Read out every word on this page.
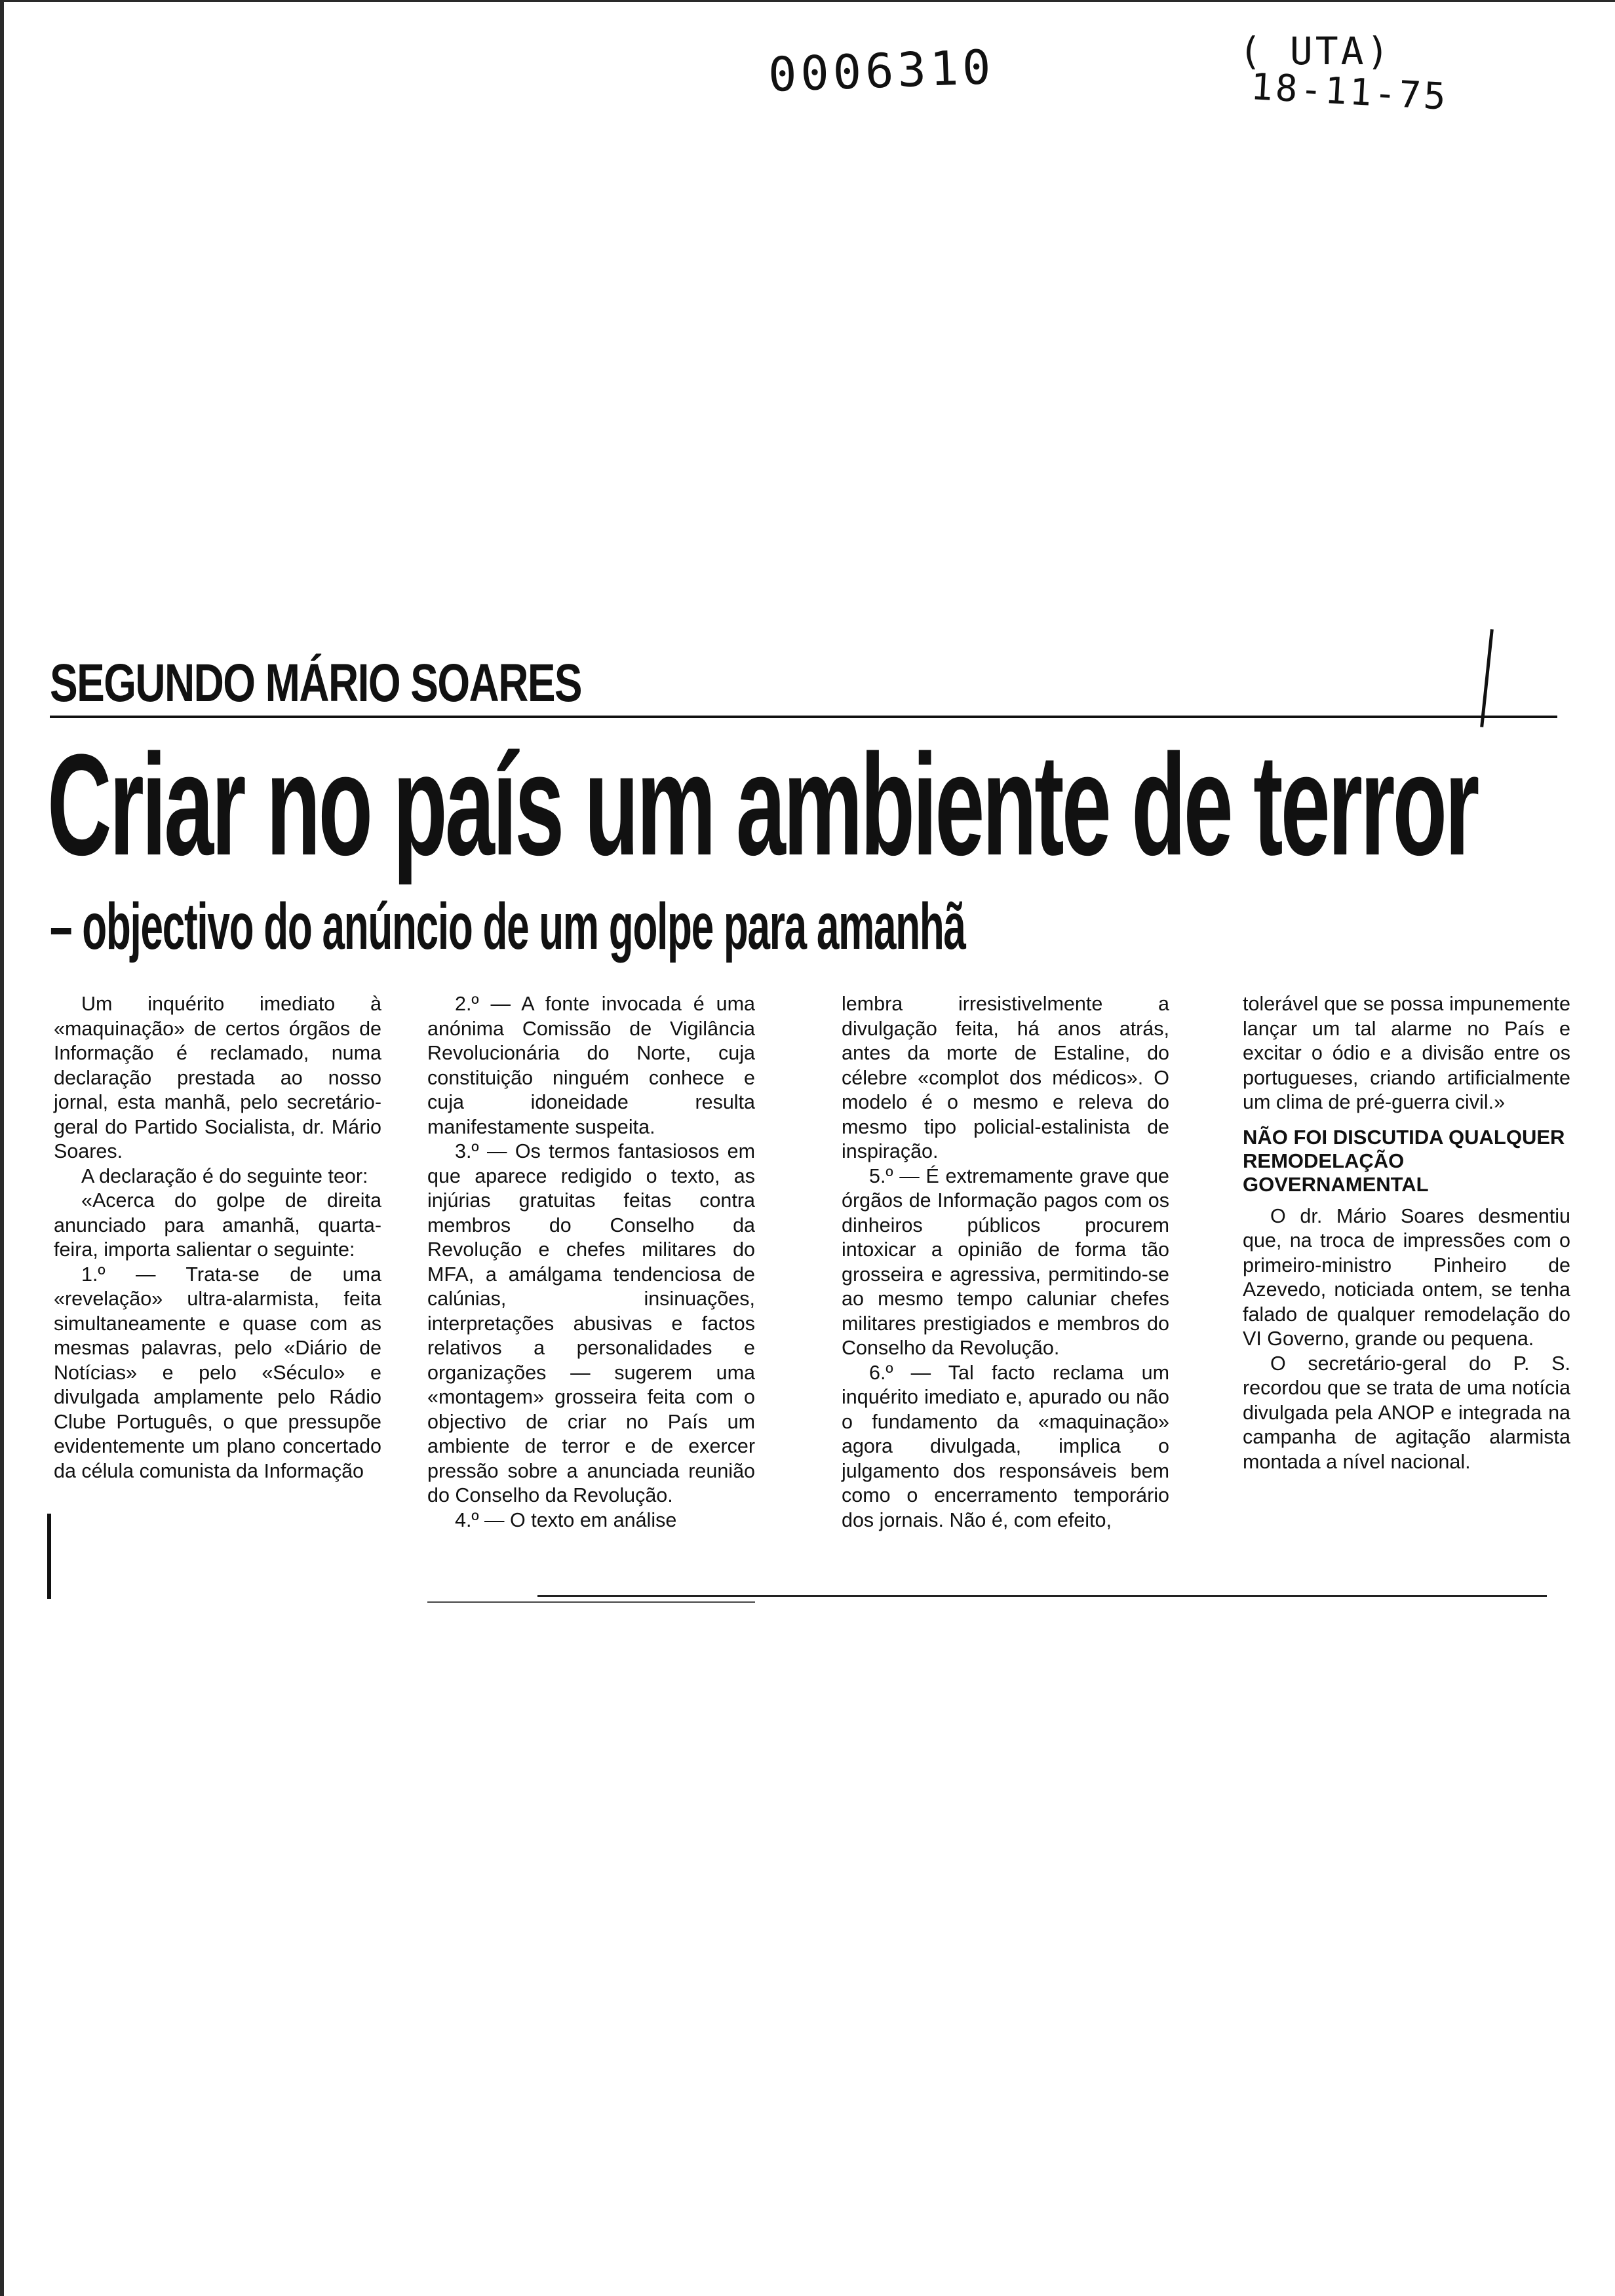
0006310	( UTA)
18-11-75
SEGUNDO MÁRIO SOARES
Criar no país um ambiente de terror
– objectivo do anúncio de um golpe para amanhã

Um inquérito imediato à «maquinação» de certos órgãos de Informação é reclamado, numa declaração prestada ao nosso jornal, esta manhã, pelo secretário-geral do Partido Socialista, dr. Mário Soares.

A declaração é do seguinte teor:

«Acerca do golpe de direita anunciado para amanhã, quarta-feira, importa salientar o seguinte:

1.º — Trata-se de uma «revelação» ultra-alarmista, feita simultaneamente e quase com as mesmas palavras, pelo «Diário de Notícias» e pelo «Século» e divulgada amplamente pelo Rádio Clube Português, o que pressupõe evidentemente um plano concertado da célula comunista da Informação

2.º — A fonte invocada é uma anónima Comissão de Vigilância Revolucionária do Norte, cuja constituição ninguém conhece e cuja idoneidade resulta manifestamente suspeita.

3.º — Os termos fantasiosos em que aparece redigido o texto, as injúrias gratuitas feitas contra membros do Conselho da Revolução e chefes militares do MFA, a amálgama tendenciosa de calúnias, insinuações, interpretações abusivas e factos relativos a personalidades e organizações — sugerem uma «montagem» grosseira feita com o objectivo de criar no País um ambiente de terror e de exercer pressão sobre a anunciada reunião do Conselho da Revolução.

4.º — O texto em análise

lembra irresistivelmente a divulgação feita, há anos atrás, antes da morte de Estaline, do célebre «complot dos médicos». O modelo é o mesmo e releva do mesmo tipo policial-estalinista de inspiração.

5.º — É extremamente grave que órgãos de Informação pagos com os dinheiros públicos procurem intoxicar a opinião de forma tão grosseira e agressiva, permitindo-se ao mesmo tempo caluniar chefes militares prestigiados e membros do Conselho da Revolução.

6.º — Tal facto reclama um inquérito imediato e, apurado ou não o fundamento da «maquinação» agora divulgada, implica o julgamento dos responsáveis bem como o encerramento temporário dos jornais. Não é, com efeito,

tolerável que se possa impunemente lançar um tal alarme no País e excitar o ódio e a divisão entre os portugueses, criando artificialmente um clima de pré-guerra civil.»

NÃO FOI DISCUTIDA QUALQUER REMODELAÇÃO GOVERNAMENTAL

O dr. Mário Soares desmentiu que, na troca de impressões com o primeiro-ministro Pinheiro de Azevedo, noticiada ontem, se tenha falado de qualquer remodelação do VI Governo, grande ou pequena.

O secretário-geral do P. S. recordou que se trata de uma notícia divulgada pela ANOP e integrada na campanha de agitação alarmista montada a nível nacional.
